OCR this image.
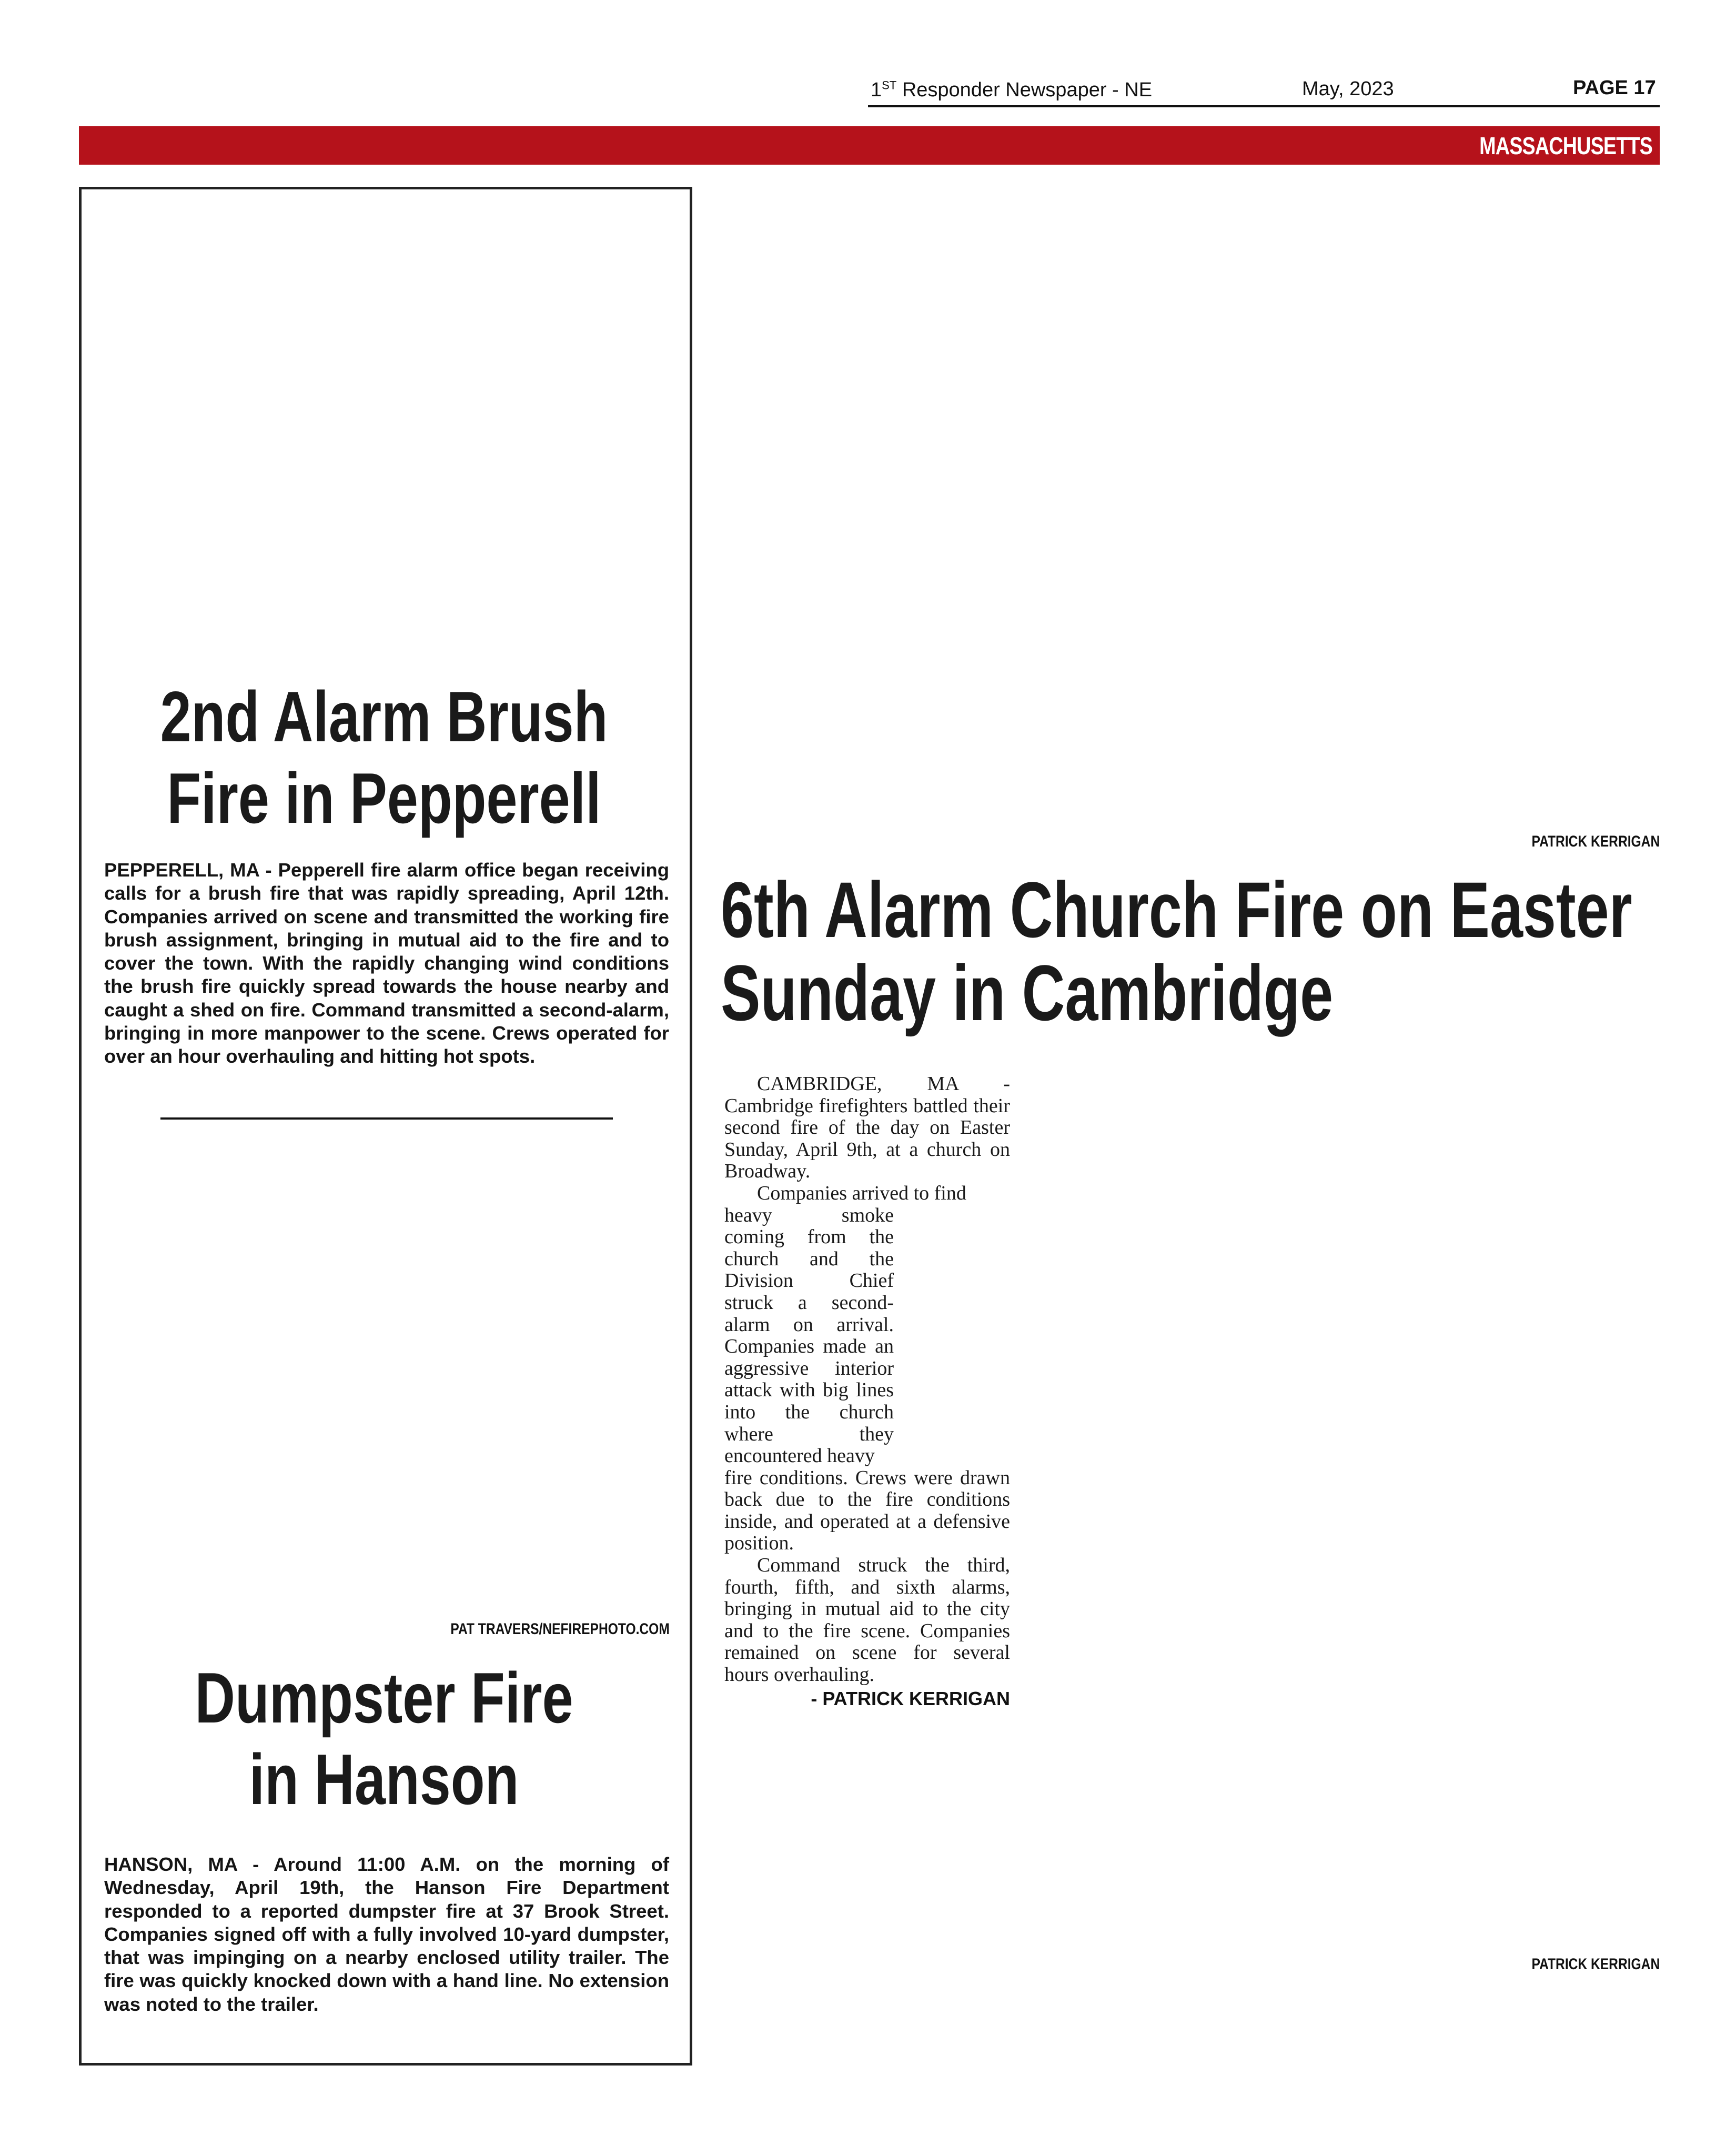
1ST Responder Newspaper - NE	May, 2023	PAGE 17
MASSACHUSETTS
2nd Alarm Brush
Fire in Pepperell
PEPPERELL, MA - Pepperell fire alarm office began receiving calls for a brush fire that was rapidly spreading, April 12th. Companies arrived on scene and transmitted the working fire brush assignment, bringing in mutual aid to the fire and to cover the town. With the rapidly changing wind conditions the brush fire quickly spread towards the house nearby and caught a shed on fire. Command transmitted a second-alarm, bringing in more manpower to the scene. Crews operated for over an hour overhauling and hitting hot spots.
PAT TRAVERS/NEFIREPHOTO.COM
Dumpster Fire
in Hanson
HANSON, MA - Around 11:00 A.M. on the morning of Wednesday, April 19th, the Hanson Fire Department responded to a reported dumpster fire at 37 Brook Street. Companies signed off with a fully involved 10-yard dumpster, that was impinging on a nearby enclosed utility trailer. The fire was quickly knocked down with a hand line. No extension was noted to the trailer.
PATRICK KERRIGAN
6th Alarm Church Fire on Easter
Sunday in Cambridge

CAMBRIDGE, MA - Cambridge firefighters battled their second fire of the day on Easter Sunday, April 9th, at a church on Broadway.

Companies arrived to find

heavy smoke coming from the church and the Division Chief struck a second-alarm on arrival. Companies made an aggressive interior attack with big lines into the church where they encountered heavy

fire conditions. Crews were drawn back due to the fire conditions inside, and operated at a defensive position.

Command struck the third, fourth, fifth, and sixth alarms, bringing in mutual aid to the city and to the fire scene. Companies remained on scene for several hours overhauling.

- PATRICK KERRIGAN
PATRICK KERRIGAN
